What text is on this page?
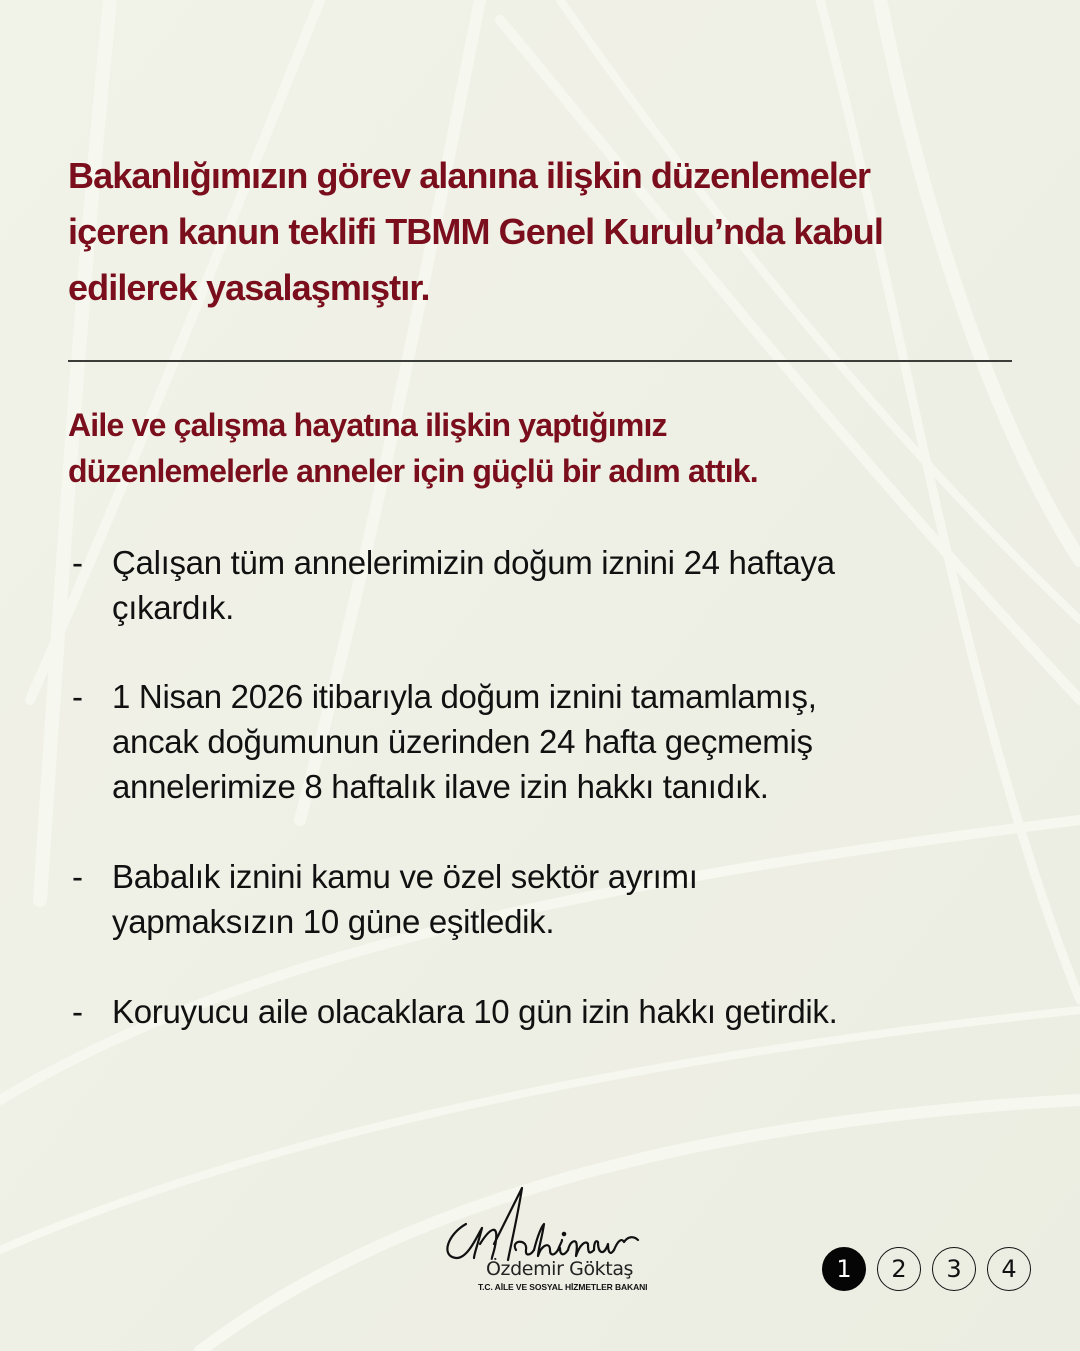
Bakanlığımızın görev alanına ilişkin düzenlemeler
içeren kanun teklifi TBMM Genel Kurulu’nda kabul
edilerek yasalaşmıştır.
Aile ve çalışma hayatına ilişkin yaptığımız
düzenlemelerle anneler için güçlü bir adım attık.
- Çalışan tüm annelerimizin doğum iznini 24 haftaya
çıkardık.
- 1 Nisan 2026 itibarıyla doğum iznini tamamlamış,
ancak doğumunun üzerinden 24 hafta geçmemiş
annelerimize 8 haftalık ilave izin hakkı tanıdık.
- Babalık iznini kamu ve özel sektör ayrımı
yapmaksızın 10 güne eşitledik.
- Koruyucu aile olacaklara 10 gün izin hakkı getirdik.
Özdemir Göktaş
T.C. AİLE VE SOSYAL HİZMETLER BAKANI
1	2	3	4
